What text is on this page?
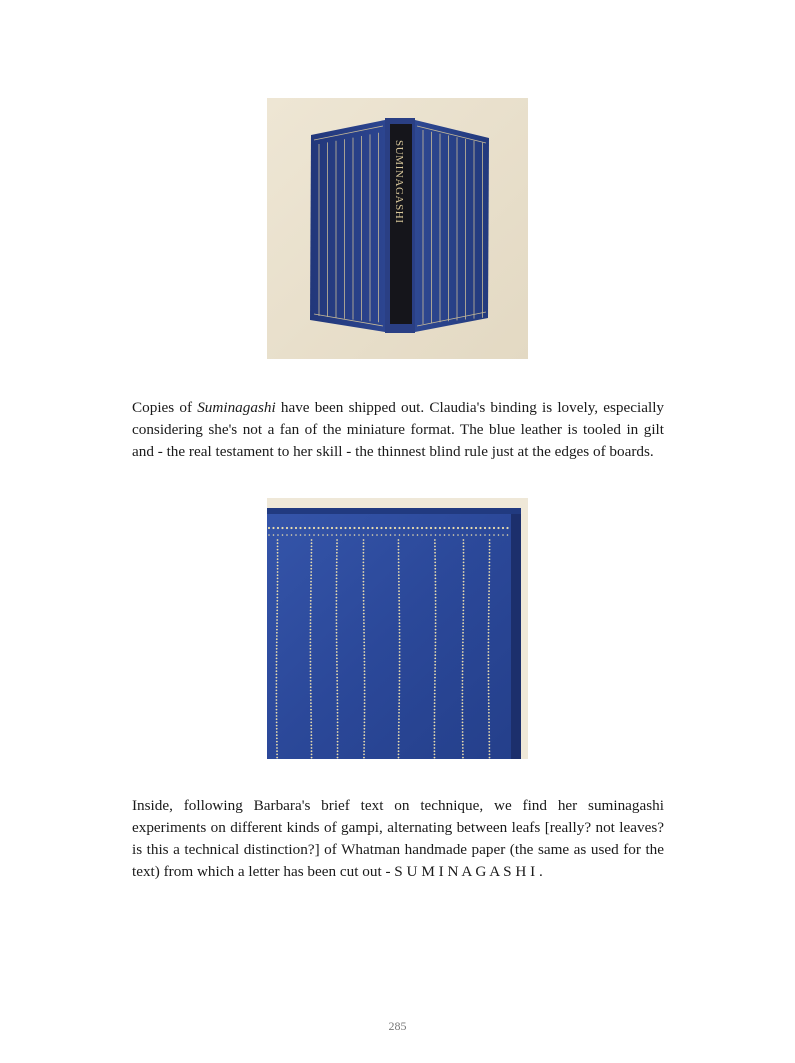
SUMINAGASHI

Copies of Suminagashi have been shipped out. Claudia's binding is lovely, especially considering she's not a fan of the miniature format. The blue leather is tooled in gilt and - the real testament to her skill - the thinnest blind rule just at the edges of boards.

Inside, following Barbara's brief text on technique, we find her suminagashi experiments on different kinds of gampi, alternating between leafs [really? not leaves? is this a technical distinction?] of Whatman handmade paper (the same as used for the text) from which a letter has been cut out - S U M I N A G A S H I .

285
